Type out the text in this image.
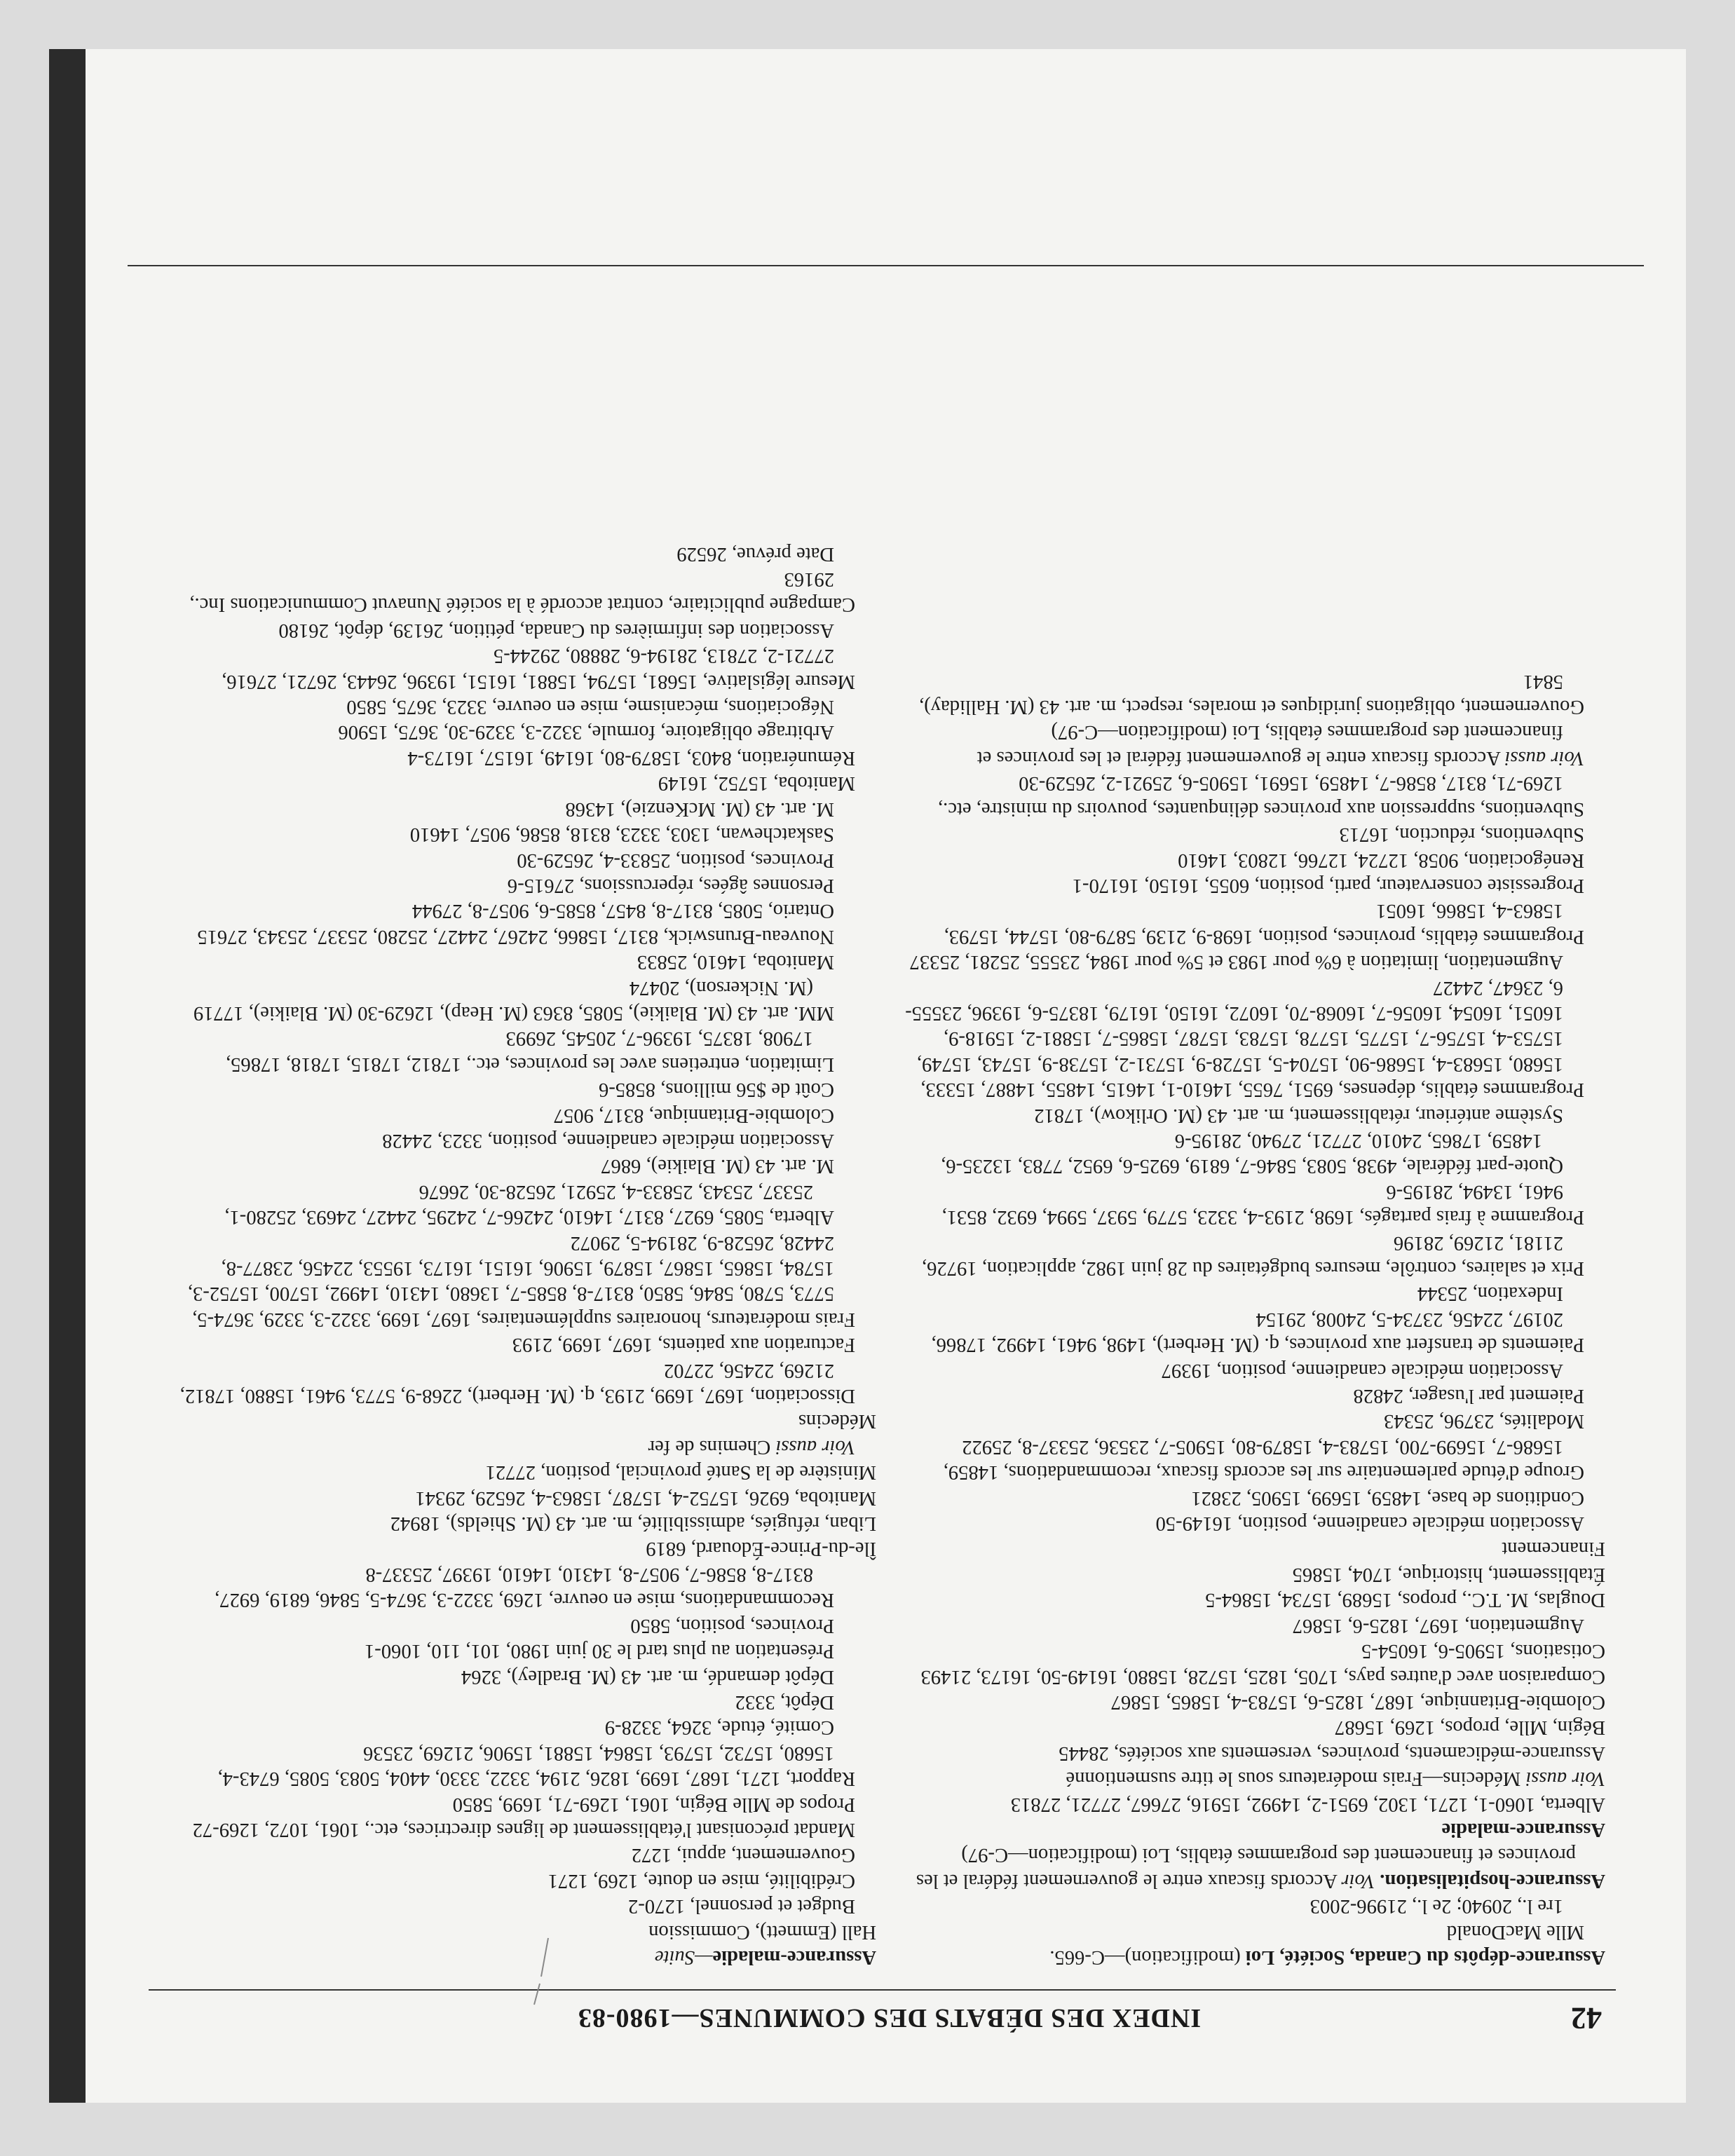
42
INDEX DES DÉBATS DES COMMUNES—1980-83

Assurance-dépôts du Canada, Société, Loi (modification)—C-665.

Mlle MacDonald

1re l., 20940; 2e l., 21996-2003

Assurance-hospitalisation. Voir Accords fiscaux entre le gouvernement fédéral et les provinces et financement des programmes établis, Loi (modification—C-97)

Assurance-maladie

Alberta, 1060-1, 1271, 1302, 6951-2, 14992, 15916, 27667, 27721, 27813

Voir aussi Médecins—Frais modérateurs sous le titre susmentionné

Assurance-médicaments, provinces, versements aux sociétés, 28445

Bégin, Mlle, propos, 1269, 15687

Colombie-Britannique, 1687, 1825-6, 15783-4, 15865, 15867

Comparaison avec d'autres pays, 1705, 1825, 15728, 15880, 16149-50, 16173, 21493

Cotisations, 15905-6, 16054-5

Augmentation, 1697, 1825-6, 15867

Douglas, M. T.C., propos, 15689, 15734, 15864-5

Établissement, historique, 1704, 15865

Financement

Association médicale canadienne, position, 16149-50

Conditions de base, 14859, 15699, 15905, 23821

Groupe d'étude parlementaire sur les accords fiscaux, recommandations, 14859, 15686-7, 15699-700, 15783-4, 15879-80, 15905-7, 23536, 25337-8, 25922

Modalités, 23796, 25343

Paiement par l'usager, 24828

Association médicale canadienne, position, 19397

Paiements de transfert aux provinces, q. (M. Herbert), 1498, 9461, 14992, 17866, 20197, 22456, 23734-5, 24008, 29154

Indexation, 25344

Prix et salaires, contrôle, mesures budgétaires du 28 juin 1982, application, 19726, 21181, 21269, 28196

Programme à frais partagés, 1698, 2193-4, 3323, 5779, 5937, 5994, 6932, 8531, 9461, 13494, 28195-6

Quote-part fédérale, 4938, 5083, 5846-7, 6819, 6925-6, 6952, 7783, 13235-6, 14859, 17865, 24010, 27721, 27940, 28195-6

Système antérieur, rétablissement, m. art. 43 (M. Orlikow), 17812

Programmes établis, dépenses, 6951, 7655, 14610-1, 14615, 14855, 14887, 15333, 15680, 15683-4, 15686-90, 15704-5, 15728-9, 15731-2, 15738-9, 15743, 15749, 15753-4, 15756-7, 15775, 15778, 15783, 15787, 15865-7, 15881-2, 15918-9, 16051, 16054, 16056-7, 16068-70, 16072, 16150, 16179, 18375-6, 19396, 23555-6, 23647, 24427

Augmentation, limitation à 6% pour 1983 et 5% pour 1984, 23555, 25281, 25337

Programmes établis, provinces, position, 1698-9, 2139, 5879-80, 15744, 15793, 15863-4, 15866, 16051

Progressiste conservateur, parti, position, 6055, 16150, 16170-1

Renégociation, 9058, 12724, 12766, 12803, 14610

Subventions, réduction, 16713

Subventions, suppression aux provinces délinquantes, pouvoirs du ministre, etc., 1269-71, 8317, 8586-7, 14859, 15691, 15905-6, 25921-2, 26529-30

Voir aussi Accords fiscaux entre le gouvernement fédéral et les provinces et financement des programmes établis, Loi (modification—C-97)

Gouvernement, obligations juridiques et morales, respect, m. art. 43 (M. Halliday), 5841

Assurance-maladie—Suite

Hall (Emmett), Commission

Budget et personnel, 1270-2

Crédibilité, mise en doute, 1269, 1271

Gouvernement, appui, 1272

Mandat préconisant l'établissement de lignes directrices, etc., 1061, 1072, 1269-72

Propos de Mlle Bégin, 1061, 1269-71, 1699, 5850

Rapport, 1271, 1687, 1699, 1826, 2194, 3322, 3330, 4404, 5083, 5085, 6743-4, 15680, 15732, 15793, 15864, 15881, 15906, 21269, 23536

Comité, étude, 3264, 3328-9

Dépôt, 3332

Dépôt demandé, m. art. 43 (M. Bradley), 3264

Présentation au plus tard le 30 juin 1980, 101, 110, 1060-1

Provinces, position, 5850

Recommandations, mise en oeuvre, 1269, 3322-3, 3674-5, 5846, 6819, 6927, 8317-8, 8586-7, 9057-8, 14310, 14610, 19397, 25337-8

Île-du-Prince-Édouard, 6819

Liban, réfugiés, admissibilité, m. art. 43 (M. Shields), 18942

Manitoba, 6926, 15752-4, 15787, 15863-4, 26529, 29341

Ministère de la Santé provincial, position, 27721

Voir aussi Chemins de fer

Médecins

Dissociation, 1697, 1699, 2193, q. (M. Herbert), 2268-9, 5773, 9461, 15880, 17812, 21269, 22456, 22702

Facturation aux patients, 1697, 1699, 2193

Frais modérateurs, honoraires supplémentaires, 1697, 1699, 3322-3, 3329, 3674-5, 5773, 5780, 5846, 5850, 8317-8, 8585-7, 13680, 14310, 14992, 15700, 15752-3, 15784, 15865, 15867, 15879, 15906, 16151, 16173, 19553, 22456, 23877-8, 24428, 26528-9, 28194-5, 29072

Alberta, 5085, 6927, 8317, 14610, 24266-7, 24295, 24427, 24693, 25280-1, 25337, 25343, 25833-4, 25921, 26528-30, 26676

M. art. 43 (M. Blaikie), 6867

Association médicale canadienne, position, 3323, 24428

Colombie-Britannique, 8317, 9057

Coût de $56 millions, 8585-6

Limitation, entretiens avec les provinces, etc., 17812, 17815, 17818, 17865, 17908, 18375, 19396-7, 20545, 26993

MM. art. 43 (M. Blaikie), 5085, 8363 (M. Heap), 12629-30 (M. Blaikie), 17719 (M. Nickerson), 20474

Manitoba, 14610, 25833

Nouveau-Brunswick, 8317, 15866, 24267, 24427, 25280, 25337, 25343, 27615

Ontario, 5085, 8317-8, 8457, 8585-6, 9057-8, 27944

Personnes âgées, répercussions, 27615-6

Provinces, position, 25833-4, 26529-30

Saskatchewan, 1303, 3323, 8318, 8586, 9057, 14610

M. art. 43 (M. McKenzie), 14368

Manitoba, 15752, 16149

Rémunération, 8403, 15879-80, 16149, 16157, 16173-4

Arbitrage obligatoire, formule, 3322-3, 3329-30, 3675, 15906

Négociations, mécanisme, mise en oeuvre, 3323, 3675, 5850

Mesure législative, 15681, 15794, 15881, 16151, 19396, 26443, 26721, 27616, 27721-2, 27813, 28194-6, 28880, 29244-5

Association des infirmières du Canada, pétition, 26139, dépôt, 26180

Campagne publicitaire, contrat accordé à la société Nunavut Communications Inc., 29163

Date prévue, 26529
